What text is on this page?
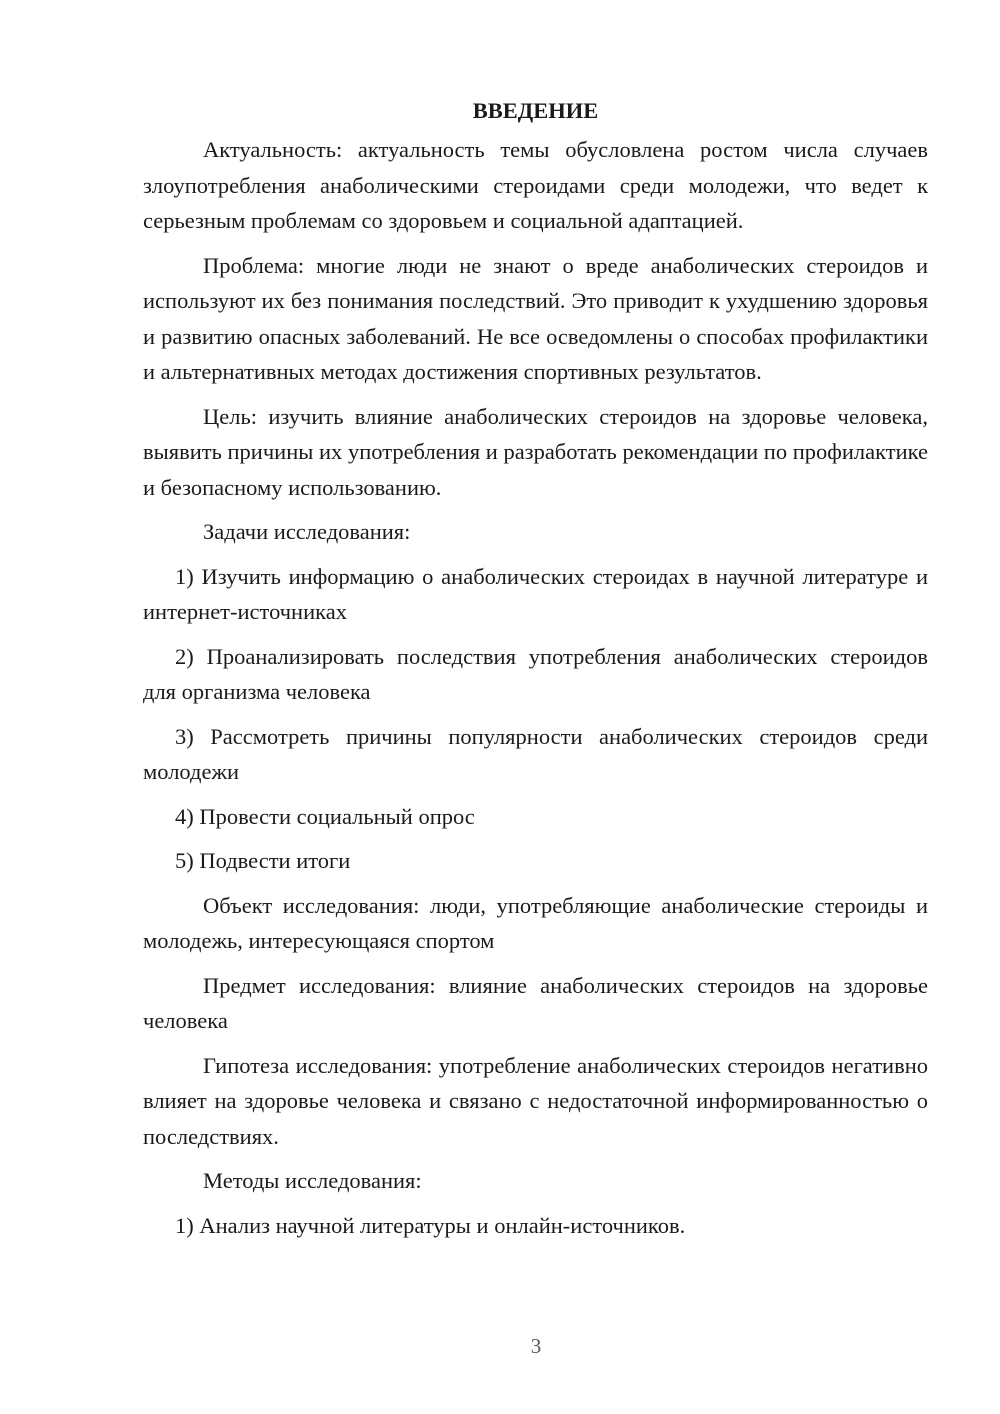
ВВЕДЕНИЕ

Актуальность: актуальность темы обусловлена ростом числа случаев злоупотребления анаболическими стероидами среди молодежи, что ведет к серьезным проблемам со здоровьем и социальной адаптацией.

Проблема: многие люди не знают о вреде анаболических стероидов и используют их без понимания последствий. Это приводит к ухудшению здоровья и развитию опасных заболеваний. Не все осведомлены о способах профилактики и альтернативных методах достижения спортивных результатов.

Цель: изучить влияние анаболических стероидов на здоровье человека, выявить причины их употребления и разработать рекомендации по профилактике и безопасному использованию.

Задачи исследования:

1) Изучить информацию о анаболических стероидах в научной литературе и интернет-источниках

2) Проанализировать последствия употребления анаболических стероидов для организма человека

3) Рассмотреть причины популярности анаболических стероидов среди молодежи

4) Провести социальный опрос

5) Подвести итоги

Объект исследования: люди, употребляющие анаболические стероиды и молодежь, интересующаяся спортом

Предмет исследования: влияние анаболических стероидов на здоровье человека

Гипотеза исследования: употребление анаболических стероидов негативно влияет на здоровье человека и связано с недостаточной информированностью о последствиях.

Методы исследования:

1) Анализ научной литературы и онлайн-источников.

3
